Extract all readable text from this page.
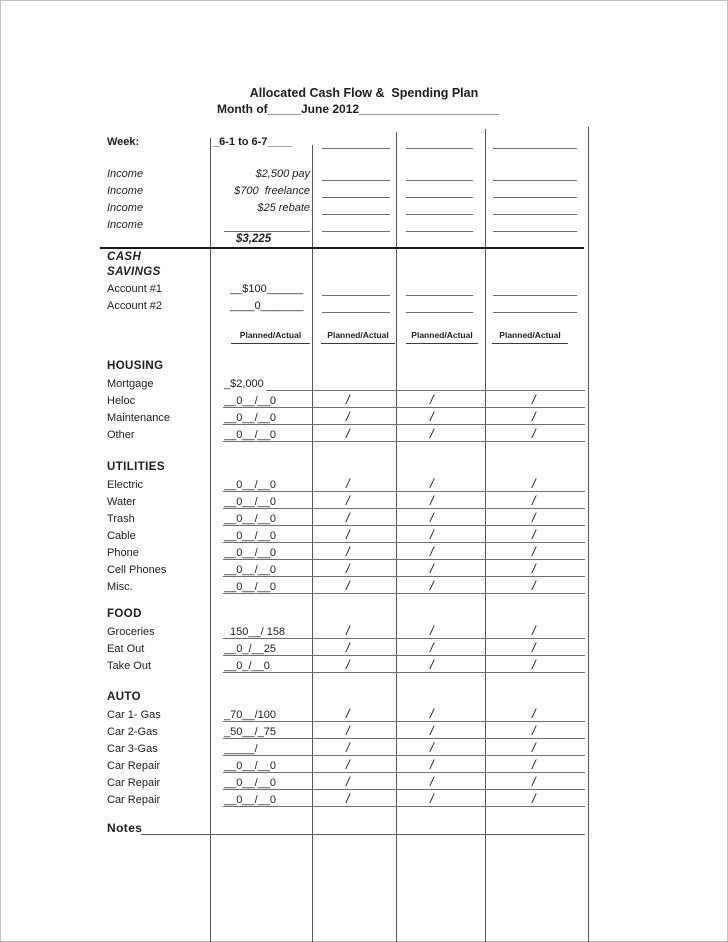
Allocated Cash Flow &  Spending Plan
Month of_____June 2012_____________________
Week:	_6-1 to 6-7____
Income	$2,500 pay
Income	$700  freelance
Income	$25 rebate
Income
$3,225
CASH
SAVINGS
Account #1	__$100______
Account #2	____0_______
Planned/Actual	Planned/Actual	Planned/Actual	Planned/Actual
HOUSING
Mortgage	_$2,000
Heloc	__0__/__0	/	/	/
Maintenance	__0__/__0	/	/	/
Other	__0__/__0	/	/	/
UTILITIES
Electric	__0__/__0	/	/	/
Water	__0__/__0	/	/	/
Trash	__0__/__0	/	/	/
Cable	__0__/__0	/	/	/
Phone	__0__/__0	/	/	/
Cell Phones	__0__/__0	/	/	/
Misc.	__0__/__0	/	/	/
FOOD
Groceries	150__/ 158	/	/	/
Eat Out	__0_/__25	/	/	/
Take Out	__0_/__0	/	/	/
AUTO
Car 1- Gas	_70__/100	/	/	/
Car 2-Gas	_50__/_75	/	/	/
Car 3-Gas	_____/	/	/	/
Car Repair	__0__/__0	/	/	/
Car Repair	__0__/__0	/	/	/
Car Repair	__0__/__0	/	/	/
Notes
